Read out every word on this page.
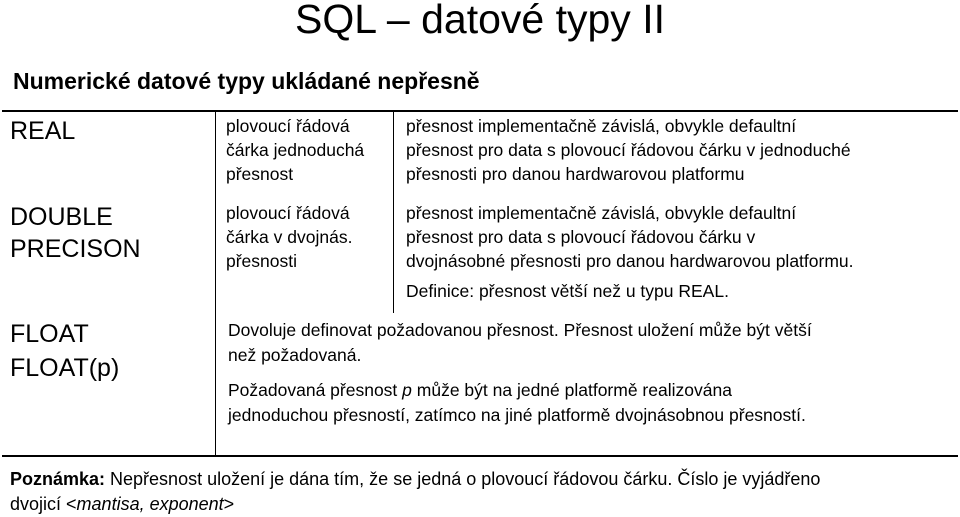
SQL – datové typy II
Numerické datové typy ukládané nepřesně
REAL	plovoucí řádová
čárka jednoduchá
přesnost
přesnost implementačně závislá, obvykle defaultní
přesnost pro data s plovoucí řádovou čárku v jednoduché
přesnosti pro danou hardwarovou platformu
DOUBLE
PRECISON
plovoucí řádová
čárka v dvojnás.
přesnosti
přesnost implementačně závislá, obvykle defaultní
přesnost pro data s plovoucí řádovou čárku v
dvojnásobné přesnosti pro danou hardwarovou platformu.
Definice: přesnost větší než u typu REAL.
FLOAT
FLOAT(p)
Dovoluje definovat požadovanou přesnost. Přesnost uložení může být větší
než požadovaná.
Požadovaná přesnost p může být na jedné platformě realizována
jednoduchou přesností, zatímco na jiné platformě dvojnásobnou přesností.
Poznámka: Nepřesnost uložení je dána tím, že se jedná o plovoucí řádovou čárku. Číslo je vyjádřeno
dvojicí <mantisa, exponent>
